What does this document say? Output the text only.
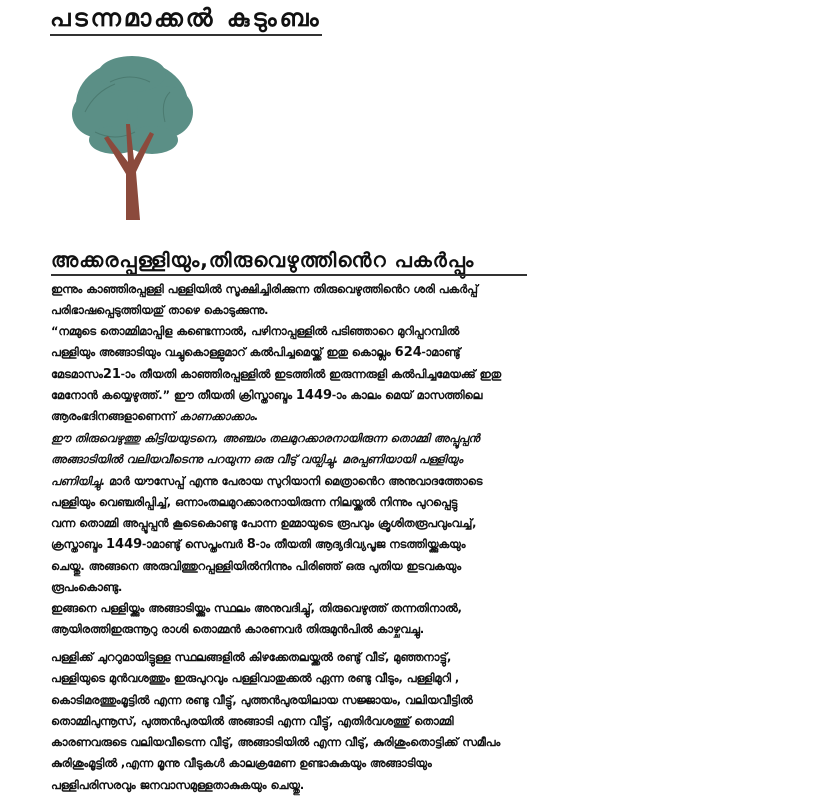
പടന്നമാക്കൽ കുടുംബം
അക്കരപ്പള്ളിയും,തിരുവെഴുത്തിൻെറ പകർപ്പും
ഇന്നും കാഞ്ഞിരപ്പള്ളി പള്ളിയിൽ സൂക്ഷിച്ചിരിക്കുന്ന തിരുവെഴുത്തിൻെറ ശരി പകർപ്പ്
പരിഭാഷപ്പെടുത്തിയതു് താഴെ കൊടുക്കുന്നു.
“നമ്മുടെ തൊമ്മിമാപ്പിള കണ്ടെന്നാൽ, പഴിനാപ്പള്ളിൽ പടിഞ്ഞാറെ മുറിപ്പറമ്പിൽ
പള്ളിയും അങ്ങാടിയും വച്ചുകൊള്ളുമാറ് കൽപിച്ചമെയ്ക്ക് ഇതു കൊല്ലം 624-ാമാണ്ടു്
മേടമാസം21-ാം തീയതി കാഞ്ഞിരപ്പള്ളിൽ ഇടത്തിൽ ഇരുന്നരുളി കൽപിച്ചമേയക്കു് ഇതു
മേനോൻ കയ്യെഴുത്ത്.” ഈ തീയതി ക്രിസ്താബ്ദം 1449-ാം കാലം മെയ് മാസത്തിലെ
ആരംഭദിനങ്ങളാണെന്ന് കാണക്കാക്കാം.
ഈ തിരുവെഴുത്തു കിട്ടിയയുടനെ, അഞ്ചാം തലമുറക്കാരനായിരുന്ന തൊമ്മി അപ്പൂപ്പൻ
അങ്ങാടിയിൽ വലിയവീടെന്നു പറയുന്ന ഒരു വീടു് വയ്പിച്ചു. മരപ്പണിയായി പള്ളിയും
പണിയിച്ചു. മാർ യൗസേപ്പ് എന്നു പേരായ സുറിയാനി മെത്രാൻെറ അനുവാദത്തോടെ
പള്ളിയും വെഞ്ചരിപ്പിച്ച്, ഒന്നാംതലമുറക്കാരനായിരുന്ന നിലയ്ക്കൽ നിന്നും പുറപ്പെട്ടു
വന്ന തൊമ്മി അപ്പൂപ്പൻ കൂടെകൊണ്ടു പോന്ന ഉമ്മായുടെ രൂപവും ക്രൂശിതരൂപവുംവച്ച്,
ക്രസ്താബ്ദം 1449-ാമാണ്ടു് സെപ്തംമ്പർ 8-ാം തീയതി ആദ്യദിവ്യപൂജ നടത്തിയ്ക്കുകയും
ചെയ്തു. അങ്ങനെ അരുവിത്തുറപ്പള്ളിയിൽനിന്നും പിരിഞ്ഞ് ഒരു പുതിയ ഇടവകയും
രൂപംകൊണ്ടു.
ഇങ്ങനെ പള്ളിയ്ക്കും അങ്ങാടിയ്ക്കും സ്ഥലം അനുവദിച്ചു്, തിരുവെഴുത്ത് തന്നതിനാൽ,
ആയിരത്തിഇരുന്നൂറു രാശി തൊമ്മൻ കാരണവർ തിരുമുൻപിൽ കാഴ്ചവച്ചു.
പള്ളിക്ക് ചുററുമായിട്ടുള്ള സ്ഥലങ്ങളിൽ കിഴക്കേതലയ്ക്കൽ രണ്ടു് വീട്, മുഞ്ഞനാട്ടു്,
പള്ളിയുടെ മുൻവശത്തും ഇരുപുറവും പള്ളിവാതുക്കൽ ഏന്ന രണ്ടു വീടും, പള്ളിമുറി ,
കൊടിമരത്തുംമൂട്ടിൽ എന്ന രണ്ടു വീട്ടു്, പുത്തൻപുരയിലായ സജ്ജായം, വലിയവീട്ടിൽ
തൊമ്മിപുന്നൂസ്, പുത്തൻപുരയിൽ അങ്ങാടി എന്ന വീട്ടു്, എതിർവശത്തു് തൊമ്മി
കാരണവരുടെ വലിയവീടെന്ന വീടു്, അങ്ങാടിയിൽ എന്ന വീടു്, കുരിശുംതൊട്ടിക്ക് സമീപം
കുരിശുംമൂട്ടിൽ ,എന്ന മൂന്നു വീടുകൾ കാലക്രമേണ ഉണ്ടാകുകയും അങ്ങാടിയും
പള്ളിപരിസരവും ജനവാസമുള്ളതാകുകയും ചെയ്തു.
